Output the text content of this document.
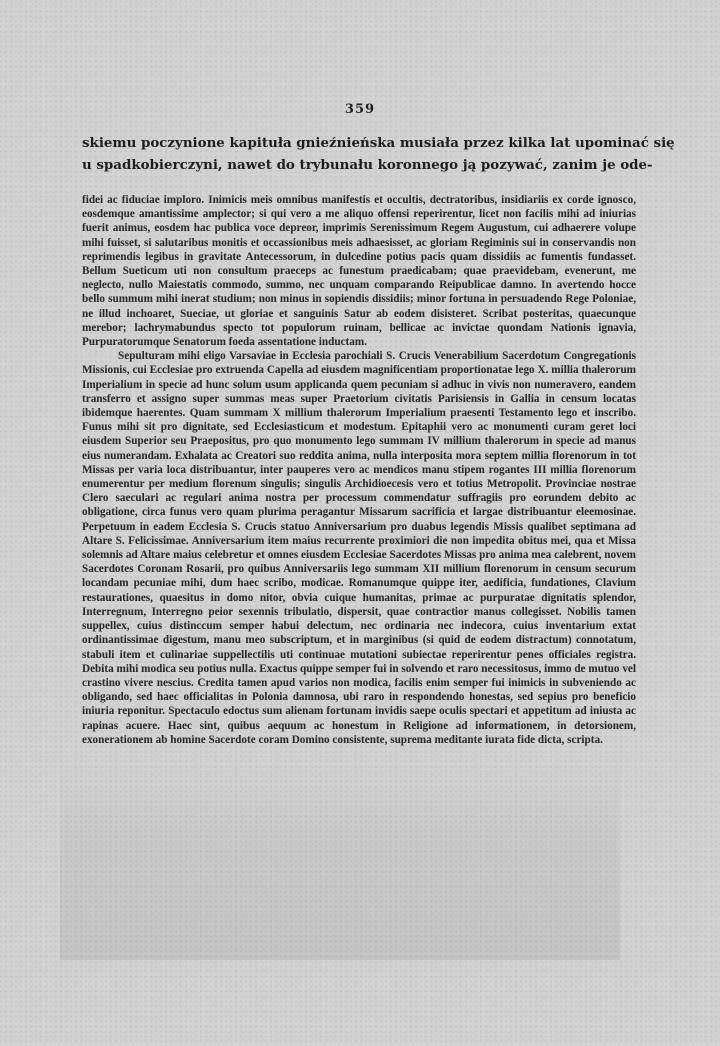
359
skiemu poczynione kapituła gnieźnieńska musiała przez kilka lat upominać się
u spadkobierczyni, nawet do trybunału koronnego ją pozywać, zanim je ode-

fidei ac fiduciae imploro. Inimicis meis omnibus manifestis et occultis, dectratoribus, insidiariis ex corde ignosco, eosdemque amantissime amplector; si qui vero a me aliquo offensi reperirentur, licet non facilis mihi ad iniurias fuerit animus, eosdem hac publica voce depreor, imprimis Serenissimum Regem Augustum, cui adhaerere volupe mihi fuisset, si salutaribus monitis et occassionibus meis adhaesisset, ac gloriam Regiminis sui in conservandis non reprimendis legibus in gravitate Antecessorum, in dulcedine potius pacis quam dissidiis ac fumentis fundasset. Bellum Sueticum uti non consultum praeceps ac funestum praedicabam; quae praevidebam, evenerunt, me neglecto, nullo Maiestatis commodo, summo, nec unquam comparando Reipublicae damno. In avertendo hocce bello summum mihi inerat studium; non minus in sopiendis dissidiis; minor fortuna in persuadendo Rege Poloniae, ne illud inchoaret, Sueciae, ut gloriae et sanguinis Satur ab eodem disisteret. Scribat posteritas, quaecunque merebor; lachrymabundus specto tot populorum ruinam, bellicae ac invictae quondam Nationis ignavia, Purpuratorumque Senatorum foeda assentatione inductam.

Sepulturam mihi eligo Varsaviae in Ecclesia parochiali S. Crucis Venerabilium Sacerdotum Congregationis Missionis, cui Ecclesiae pro extruenda Capella ad eiusdem magnificentiam proportionatae lego X. millia thalerorum Imperialium in specie ad hunc solum usum applicanda quem pecuniam si adhuc in vivis non numeravero, eandem transferro et assigno super summas meas super Praetorium civitatis Parisiensis in Gallia in censum locatas ibidemque haerentes. Quam summam X millium thalerorum Imperialium praesenti Testamento lego et inscribo. Funus mihi sit pro dignitate, sed Ecclesiasticum et modestum. Epitaphii vero ac monumenti curam geret loci eiusdem Superior seu Praepositus, pro quo monumento lego summam IV millium thalerorum in specie ad manus eius numerandam. Exhalata ac Creatori suo reddita anima, nulla interposita mora septem millia florenorum in tot Missas per varia loca distribuantur, inter pauperes vero ac mendicos manu stipem rogantes III millia florenorum enumerentur per medium florenum singulis; singulis Archidioecesis vero et totius Metropolit. Provinciae nostrae Clero saeculari ac regulari anima nostra per processum commendatur suffragiis pro eorundem debito ac obligatione, circa funus vero quam plurima peragantur Missarum sacrificia et largae distribuantur eleemosinae. Perpetuum in eadem Ecclesia S. Crucis statuo Anniversarium pro duabus legendis Missis qualibet septimana ad Altare S. Felicissimae. Anniversarium item maius recurrente proximiori die non impedita obitus mei, qua et Missa solemnis ad Altare maius celebretur et omnes eiusdem Ecclesiae Sacerdotes Missas pro anima mea calebrent, novem Sacerdotes Coronam Rosarii, pro quibus Anniversariis lego summam XII millium florenorum in censum securum locandam pecuniae mihi, dum haec scribo, modicae. Romanumque quippe iter, aedificia, fundationes, Clavium restaurationes, quaesitus in domo nitor, obvia cuique humanitas, primae ac purpuratae dignitatis splendor, Interregnum, Interregno peior sexennis tribulatio, dispersit, quae contractior manus collegisset. Nobilis tamen suppellex, cuius distinccum semper habui delectum, nec ordinaria nec indecora, cuius inventarium extat ordinantissimae digestum, manu meo subscriptum, et in marginibus (si quid de eodem distractum) connotatum, stabuli item et culinariae suppellectilis uti continuae mutationi subiectae reperirentur penes officiales registra. Debita mihi modica seu potius nulla. Exactus quippe semper fui in solvendo et raro necessitosus, immo de mutuo vel crastino vivere nescius. Credita tamen apud varios non modica, facilis enim semper fui inimicis in subveniendo ac obligando, sed haec officialitas in Polonia damnosa, ubi raro in respondendo honestas, sed sepius pro beneficio iniuria reponitur. Spectaculo edoctus sum alienam fortunam invidis saepe oculis spectari et appetitum ad iniusta ac rapinas acuere. Haec sint, quibus aequum ac honestum in Religione ad informationem, in detorsionem, exonerationem ab homine Sacerdote coram Domino consistente, suprema meditante iurata fide dicta, scripta.
